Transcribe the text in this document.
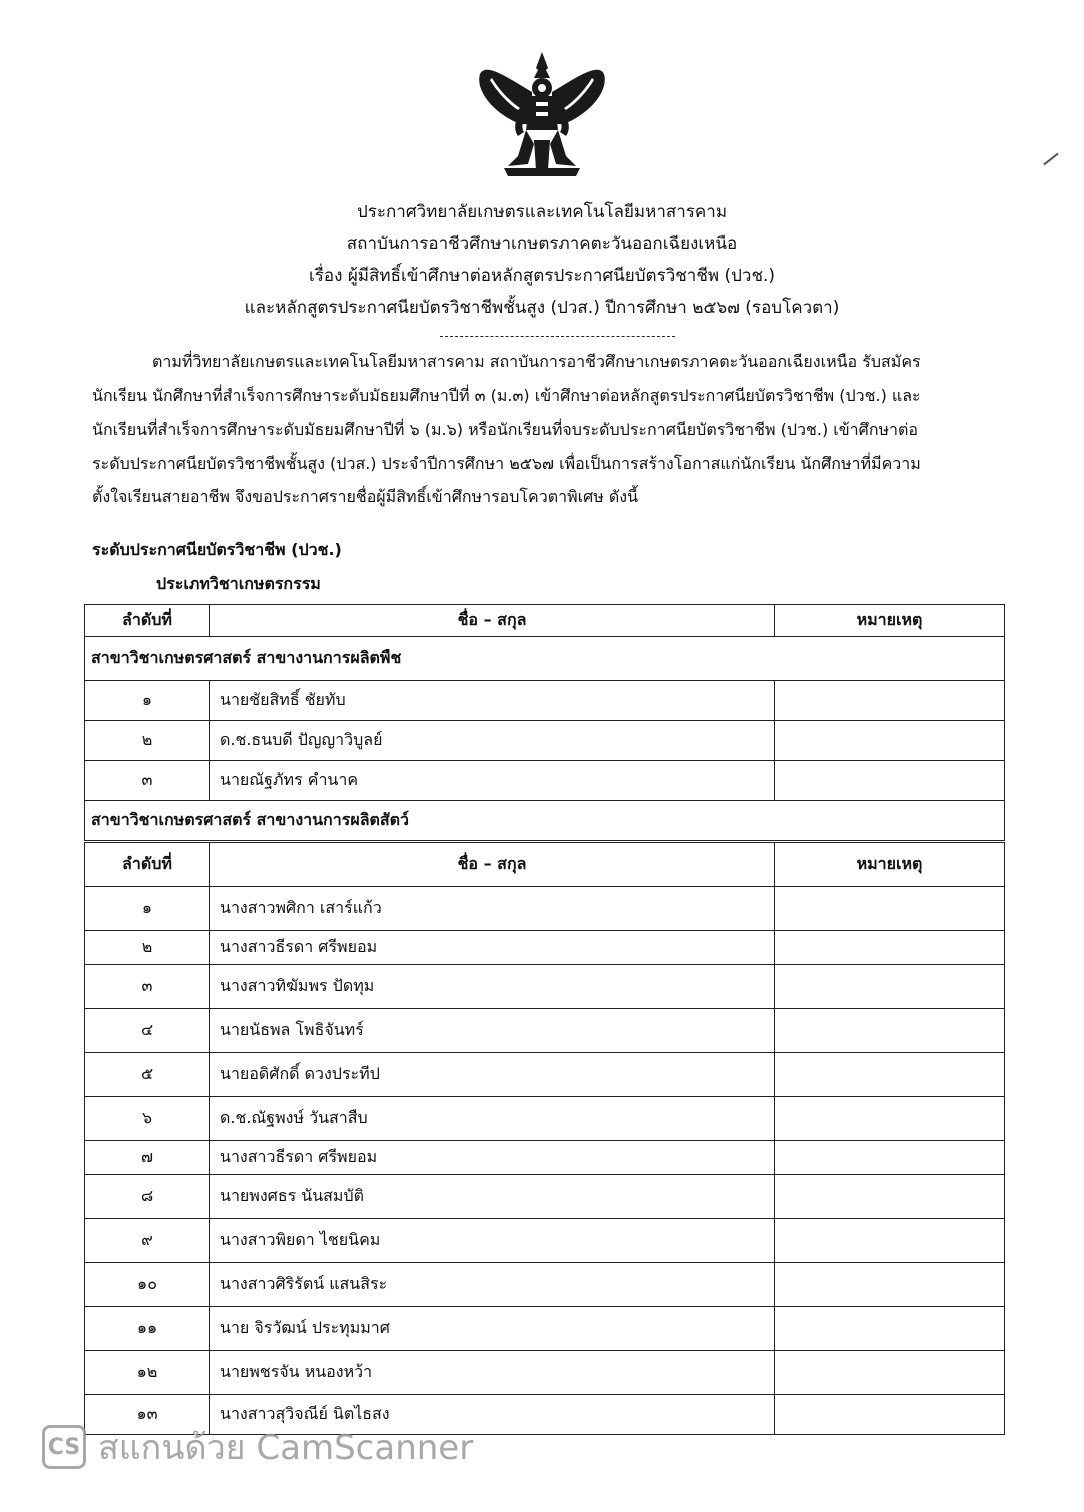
ประกาศวิทยาลัยเกษตรและเทคโนโลยีมหาสารคาม
สถาบันการอาชีวศึกษาเกษตรภาคตะวันออกเฉียงเหนือ
เรื่อง ผู้มีสิทธิ์เข้าศึกษาต่อหลักสูตรประกาศนียบัตรวิชาชีพ (ปวช.)
และหลักสูตรประกาศนียบัตรวิชาชีพชั้นสูง (ปวส.) ปีการศึกษา ๒๕๖๗ (รอบโควตา)
ตามที่วิทยาลัยเกษตรและเทคโนโลยีมหาสารคาม สถาบันการอาชีวศึกษาเกษตรภาคตะวันออกเฉียงเหนือ รับสมัคร
นักเรียน นักศึกษาที่สำเร็จการศึกษาระดับมัธยมศึกษาปีที่ ๓ (ม.๓) เข้าศึกษาต่อหลักสูตรประกาศนียบัตรวิชาชีพ (ปวช.) และ
นักเรียนที่สำเร็จการศึกษาระดับมัธยมศึกษาปีที่ ๖ (ม.๖) หรือนักเรียนที่จบระดับประกาศนียบัตรวิชาชีพ (ปวช.) เข้าศึกษาต่อ
ระดับประกาศนียบัตรวิชาชีพชั้นสูง (ปวส.) ประจำปีการศึกษา ๒๕๖๗ เพื่อเป็นการสร้างโอกาสแก่นักเรียน นักศึกษาที่มีความ
ตั้งใจเรียนสายอาชีพ จึงขอประกาศรายชื่อผู้มีสิทธิ์เข้าศึกษารอบโควตาพิเศษ ดังนี้
ระดับประกาศนียบัตรวิชาชีพ (ปวช.)
ประเภทวิชาเกษตรกรรม
ลำดับที่	ชื่อ – สกุล	หมายเหตุ
สาขาวิชาเกษตรศาสตร์ สาขางานการผลิตพืช		
๑	นายชัยสิทธิ์ ชัยทับ	
๒	ด.ช.ธนบดี ปัญญาวิบูลย์	
๓	นายณัฐภัทร คำนาค	
สาขาวิชาเกษตรศาสตร์ สาขางานการผลิตสัตว์		
ลำดับที่	ชื่อ – สกุล	หมายเหตุ
๑	นางสาวพศิกา เสาร์แก้ว	
๒	นางสาวธีรดา ศรีพยอม	
๓	นางสาวทิฆัมพร ปัดทุม	
๔	นายนัธพล โพธิจันทร์	
๕	นายอดิศักดิ์ ดวงประทีป	
๖	ด.ช.ณัฐพงษ์ วันสาสืบ	
๗	นางสาวธีรดา ศรีพยอม	
๘	นายพงศธร นันสมบัติ	
๙	นางสาวพิยดา ไชยนิคม	
๑๐	นางสาวศิริรัตน์ แสนสิระ	
๑๑	นาย จิรวัฒน์ ประทุมมาศ	
๑๒	นายพชรจัน หนองหว้า	
๑๓	นางสาวสุวิจณีย์ นิตไธสง	
CS สแกนด้วย CamScanner
